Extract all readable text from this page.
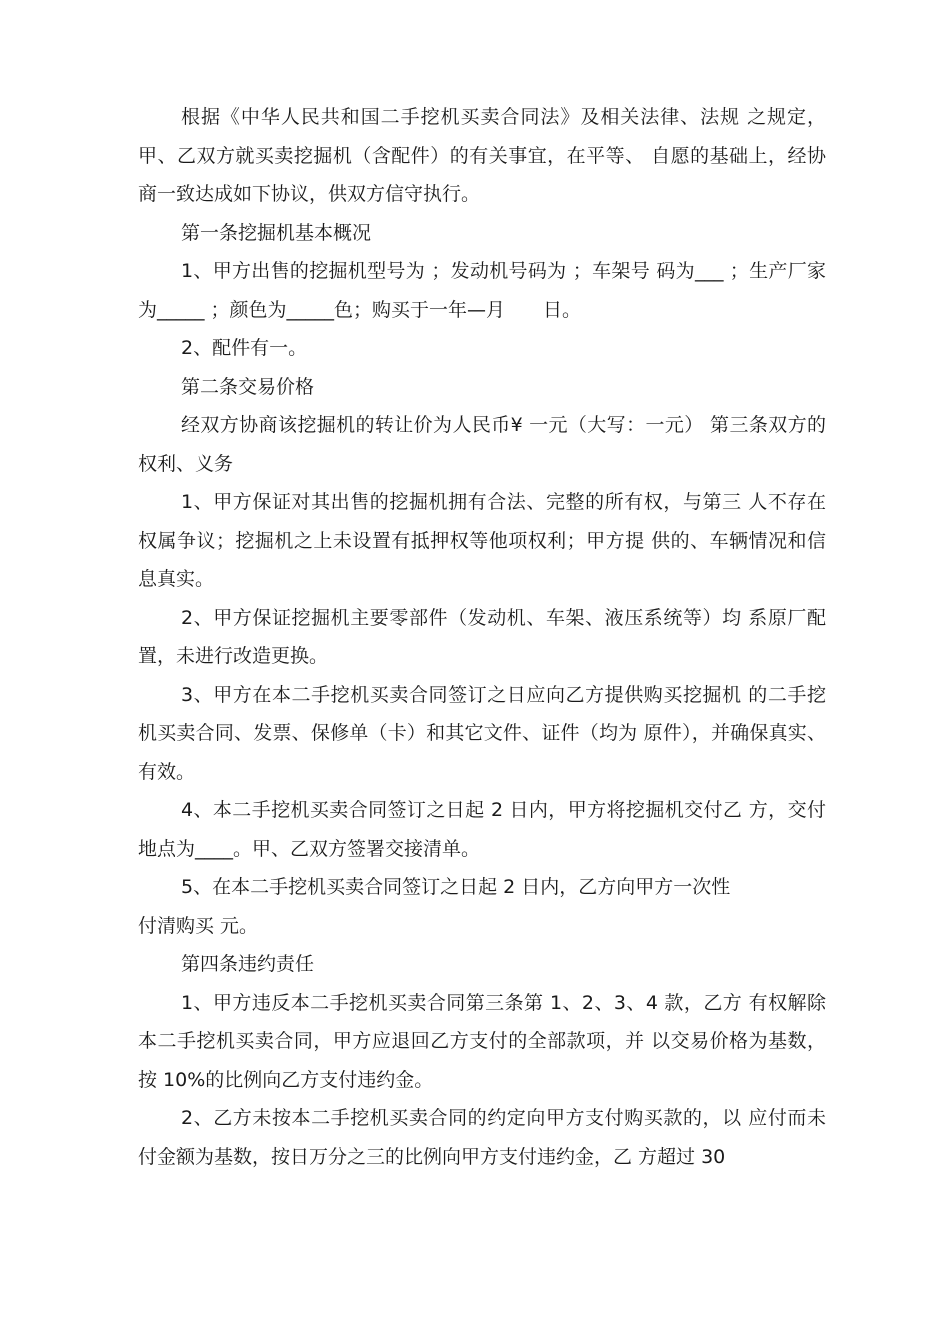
根据《中华人民共和国二手挖机买卖合同法》及相关法律、法规 之规定，甲、乙双方就买卖挖掘机（含配件）的有关事宜，在平等、 自愿的基础上，经协商一致达成如下协议，供双方信守执行。

第一条挖掘机基本概况

1、甲方出售的挖掘机型号为 ；发动机号码为 ；车架号 码为___ ；生产厂家为_____ ；颜色为_____色；购买于一年—月　　日。

2、配件有一。

第二条交易价格

经双方协商该挖掘机的转让价为人民币¥ 一元（大写：一元） 第三条双方的权利、义务

1、甲方保证对其出售的挖掘机拥有合法、完整的所有权，与第三 人不存在权属争议；挖掘机之上未设置有抵押权等他项权利；甲方提 供的、车辆情况和信息真实。

2、甲方保证挖掘机主要零部件（发动机、车架、液压系统等）均 系原厂配置，未进行改造更换。

3、甲方在本二手挖机买卖合同签订之日应向乙方提供购买挖掘机 的二手挖机买卖合同、发票、保修单（卡）和其它文件、证件（均为 原件），并确保真实、有效。

4、本二手挖机买卖合同签订之日起 2 日内，甲方将挖掘机交付乙 方，交付地点为____。甲、乙双方签署交接清单。

5、在本二手挖机买卖合同签订之日起 2 日内，乙方向甲方一次性

付清购买 元。

第四条违约责任

1、甲方违反本二手挖机买卖合同第三条第 1、2、3、4 款，乙方 有权解除本二手挖机买卖合同，甲方应退回乙方支付的全部款项，并 以交易价格为基数，按 10%的比例向乙方支付违约金。

2、乙方未按本二手挖机买卖合同的约定向甲方支付购买款的，以 应付而未付金额为基数，按日万分之三的比例向甲方支付违约金，乙 方超过 30
